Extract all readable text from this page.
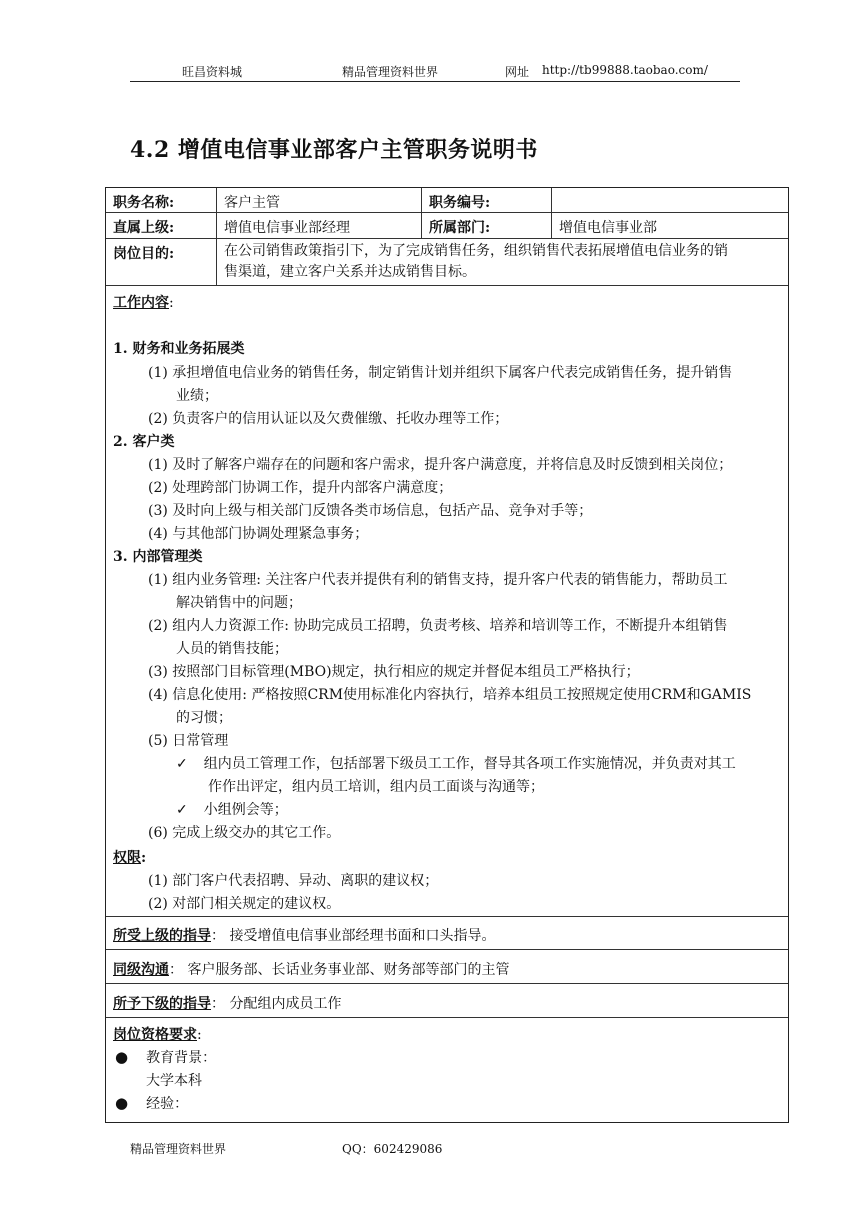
旺昌资料城	精品管理资料世界	网址 http://tb99888.taobao.com/
4.2 增值电信事业部客户主管职务说明书
职务名称:	客户主管	职务编号:
直属上级:	增值电信事业部经理	所属部门:	增值电信事业部
岗位目的:	在公司销售政策指引下，为了完成销售任务，组织销售代表拓展增值电信业务的销
售渠道，建立客户关系并达成销售目标。
工作内容:
1. 财务和业务拓展类
(1) 承担增值电信业务的销售任务，制定销售计划并组织下属客户代表完成销售任务，提升销售
业绩；
(2) 负责客户的信用认证以及欠费催缴、托收办理等工作；
2. 客户类
(1) 及时了解客户端存在的问题和客户需求，提升客户满意度，并将信息及时反馈到相关岗位；
(2) 处理跨部门协调工作，提升内部客户满意度；
(3) 及时向上级与相关部门反馈各类市场信息，包括产品、竞争对手等；
(4) 与其他部门协调处理紧急事务；
3. 内部管理类
(1) 组内业务管理: 关注客户代表并提供有利的销售支持，提升客户代表的销售能力，帮助员工
解决销售中的问题；
(2) 组内人力资源工作: 协助完成员工招聘，负责考核、培养和培训等工作，不断提升本组销售
人员的销售技能；
(3) 按照部门目标管理(MBO)规定，执行相应的规定并督促本组员工严格执行；
(4) 信息化使用: 严格按照CRM使用标准化内容执行，培养本组员工按照规定使用CRM和GAMIS
的习惯；
(5) 日常管理
✓ 组内员工管理工作，包括部署下级员工工作，督导其各项工作实施情况，并负责对其工
作作出评定，组内员工培训，组内员工面谈与沟通等；
✓ 小组例会等；
(6) 完成上级交办的其它工作。
权限:
(1) 部门客户代表招聘、异动、离职的建议权；
(2) 对部门相关规定的建议权。
所受上级的指导： 接受增值电信事业部经理书面和口头指导。
同级沟通： 客户服务部、长话业务事业部、财务部等部门的主管
所予下级的指导： 分配组内成员工作
岗位资格要求:
● 教育背景：
大学本科
● 经验：
精品管理资料世界	QQ：602429086
